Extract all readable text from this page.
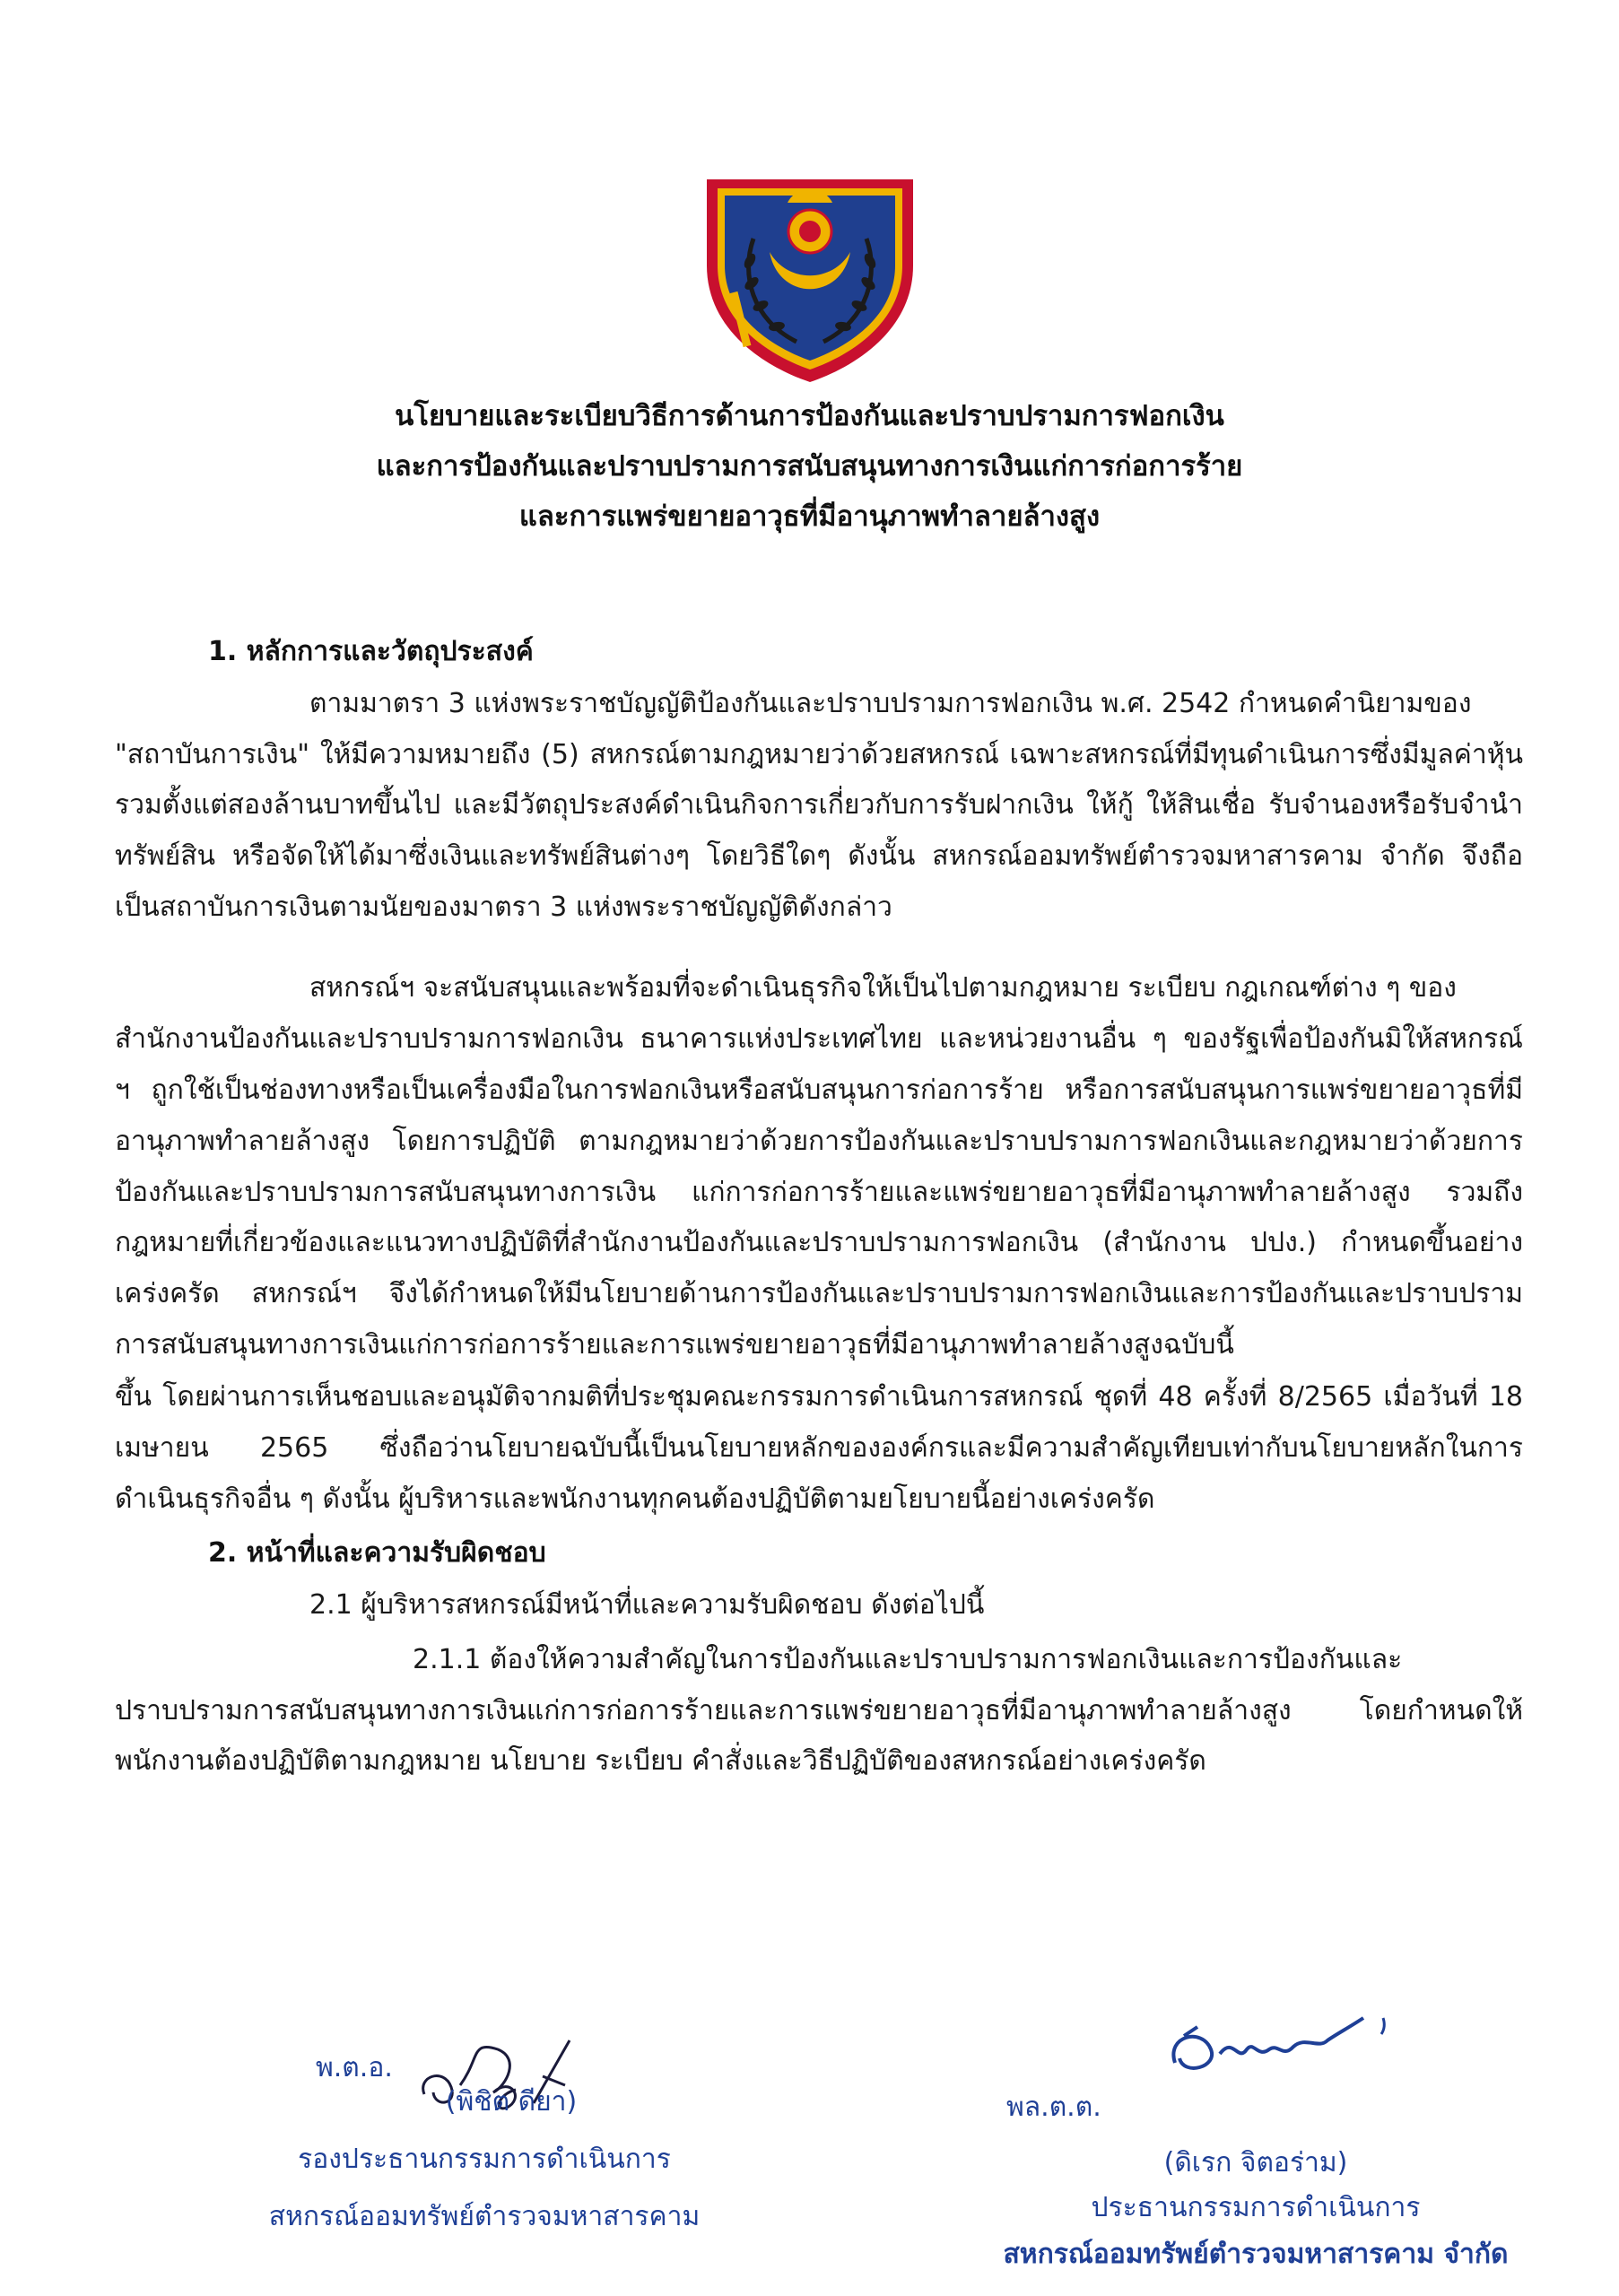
นโยบายและระเบียบวิธีการด้านการป้องกันและปราบปรามการฟอกเงิน
และการป้องกันและปราบปรามการสนับสนุนทางการเงินแก่การก่อการร้าย
และการแพร่ขยายอาวุธที่มีอานุภาพทำลายล้างสูง
1. หลักการและวัตถุประสงค์
ตามมาตรา 3 แห่งพระราชบัญญัติป้องกันและปราบปรามการฟอกเงิน พ.ศ. 2542 กำหนดคำนิยามของ
"สถาบันการเงิน" ให้มีความหมายถึง (5) สหกรณ์ตามกฎหมายว่าด้วยสหกรณ์ เฉพาะสหกรณ์ที่มีทุนดำเนินการซึ่งมีมูลค่าหุ้น
รวมตั้งแต่สองล้านบาทขึ้นไป และมีวัตถุประสงค์ดำเนินกิจการเกี่ยวกับการรับฝากเงิน ให้กู้ ให้สินเชื่อ รับจำนองหรือรับจำนำ
ทรัพย์สิน หรือจัดให้ได้มาซึ่งเงินและทรัพย์สินต่างๆ โดยวิธีใดๆ ดังนั้น สหกรณ์ออมทรัพย์ตำรวจมหาสารคาม จำกัด จึงถือ
เป็นสถาบันการเงินตามนัยของมาตรา 3 แห่งพระราชบัญญัติดังกล่าว
สหกรณ์ฯ จะสนับสนุนและพร้อมที่จะดำเนินธุรกิจให้เป็นไปตามกฎหมาย ระเบียบ กฎเกณฑ์ต่าง ๆ ของ
สำนักงานป้องกันและปราบปรามการฟอกเงิน ธนาคารแห่งประเทศไทย และหน่วยงานอื่น ๆ ของรัฐเพื่อป้องกันมิให้สหกรณ์
ฯ ถูกใช้เป็นช่องทางหรือเป็นเครื่องมือในการฟอกเงินหรือสนับสนุนการก่อการร้าย หรือการสนับสนุนการแพร่ขยายอาวุธที่มี
อานุภาพทำลายล้างสูง โดยการปฏิบัติ ตามกฎหมายว่าด้วยการป้องกันและปราบปรามการฟอกเงินและกฎหมายว่าด้วยการ
ป้องกันและปราบปรามการสนับสนุนทางการเงิน แก่การก่อการร้ายและแพร่ขยายอาวุธที่มีอานุภาพทำลายล้างสูง รวมถึง
กฎหมายที่เกี่ยวข้องและแนวทางปฏิบัติที่สำนักงานป้องกันและปราบปรามการฟอกเงิน (สำนักงาน ปปง.) กำหนดขึ้นอย่าง
เคร่งครัด สหกรณ์ฯ จึงได้กำหนดให้มีนโยบายด้านการป้องกันและปราบปรามการฟอกเงินและการป้องกันและปราบปราม
การสนับสนุนทางการเงินแก่การก่อการร้ายและการแพร่ขยายอาวุธที่มีอานุภาพทำลายล้างสูงฉบับนี้
ขึ้น โดยผ่านการเห็นชอบและอนุมัติจากมติที่ประชุมคณะกรรมการดำเนินการสหกรณ์ ชุดที่ 48 ครั้งที่ 8/2565 เมื่อวันที่ 18
เมษายน 2565 ซึ่งถือว่านโยบายฉบับนี้เป็นนโยบายหลักขององค์กรและมีความสำคัญเทียบเท่ากับนโยบายหลักในการ
ดำเนินธุรกิจอื่น ๆ ดังนั้น ผู้บริหารและพนักงานทุกคนต้องปฏิบัติตามยโยบายนี้อย่างเคร่งครัด
2. หน้าที่และความรับผิดชอบ
2.1 ผู้บริหารสหกรณ์มีหน้าที่และความรับผิดชอบ ดังต่อไปนี้
2.1.1 ต้องให้ความสำคัญในการป้องกันและปราบปรามการฟอกเงินและการป้องกันและ
ปราบปรามการสนับสนุนทางการเงินแก่การก่อการร้ายและการแพร่ขยายอาวุธที่มีอานุภาพทำลายล้างสูง โดยกำหนดให้
พนักงานต้องปฏิบัติตามกฎหมาย นโยบาย ระเบียบ คำสั่งและวิธีปฏิบัติของสหกรณ์อย่างเคร่งครัด
พ.ต.อ.
(พิชิต ดียา)
รองประธานกรรมการดำเนินการ
สหกรณ์ออมทรัพย์ตำรวจมหาสารคาม
พล.ต.ต.
(ดิเรก จิตอร่าม)
ประธานกรรมการดำเนินการ
สหกรณ์ออมทรัพย์ตำรวจมหาสารคาม จำกัด
